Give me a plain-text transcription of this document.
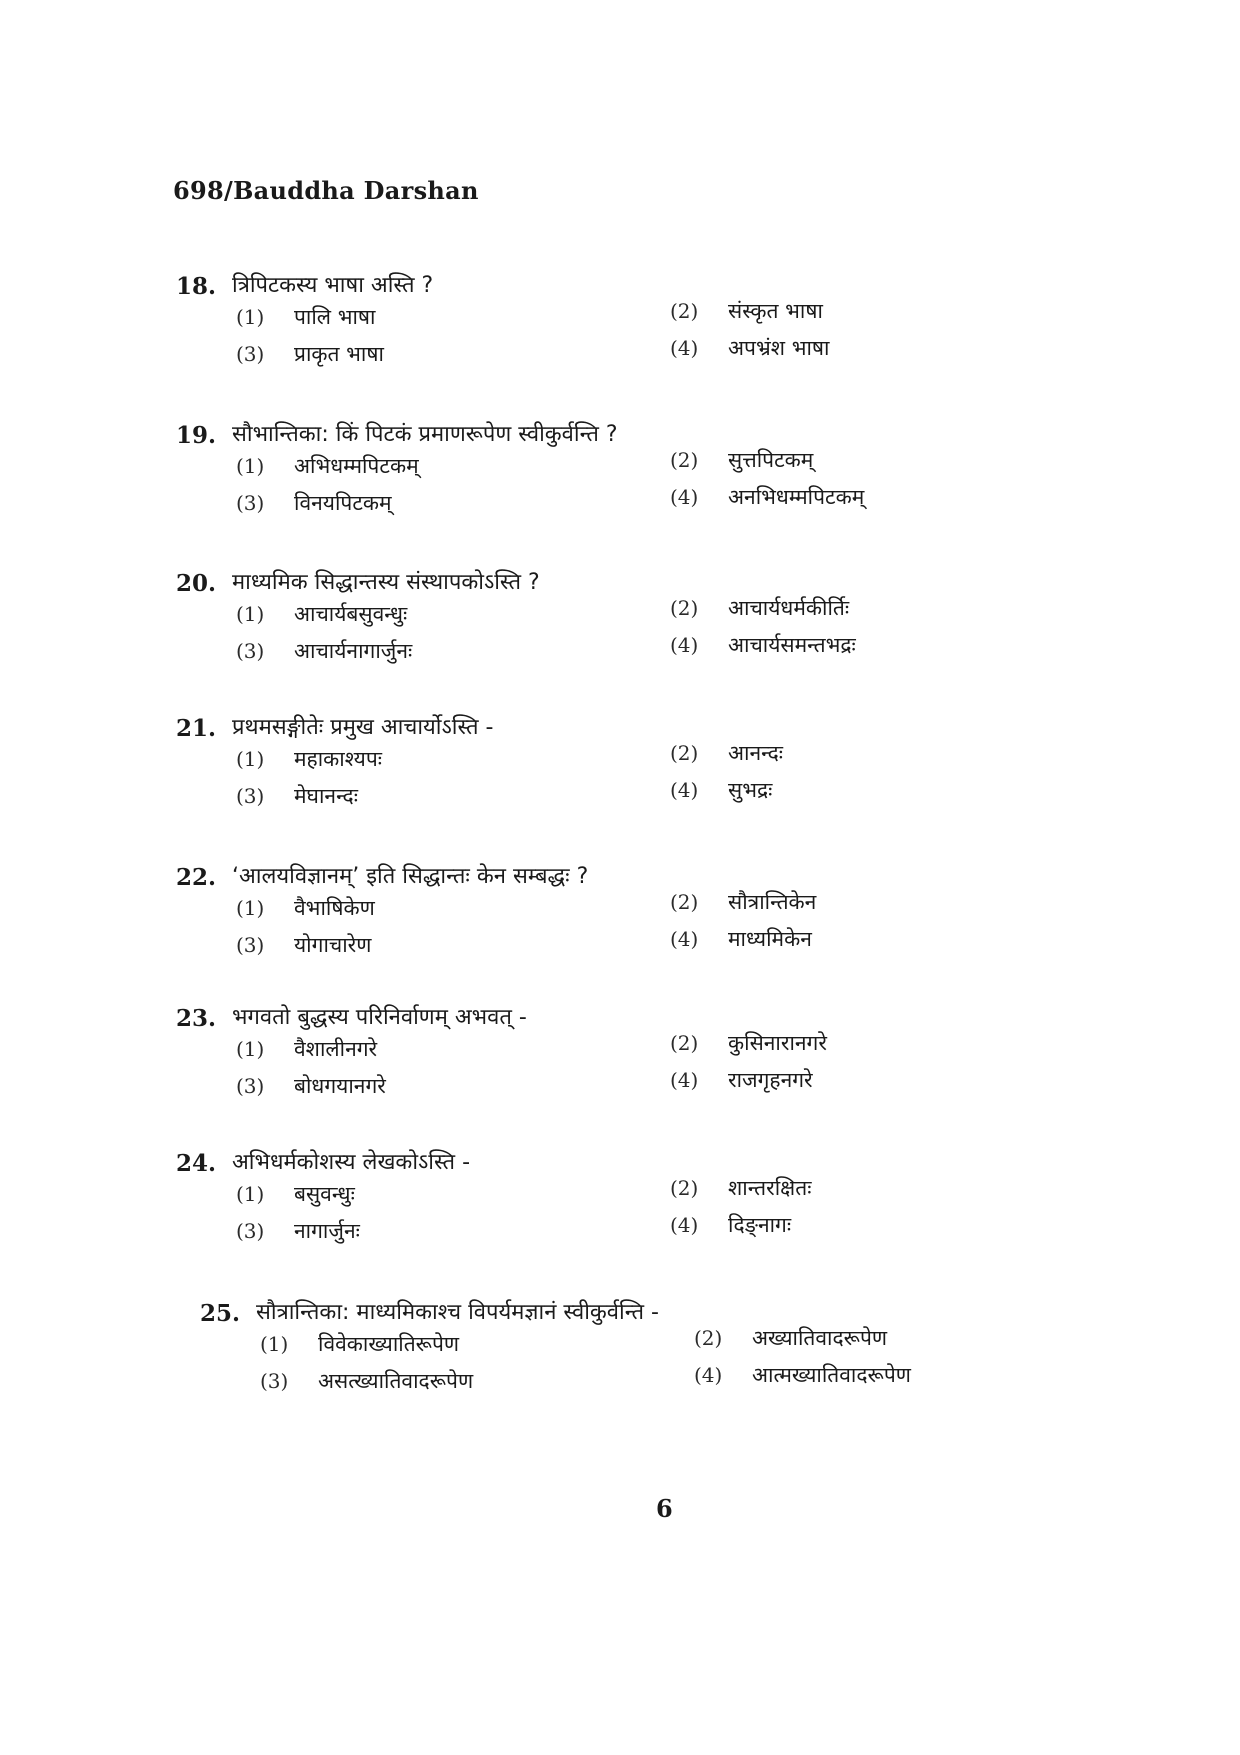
698/Bauddha Darshan
18. त्रिपिटकस्य भाषा अस्ति ?
(1) पालि भाषा	(2) संस्कृत भाषा
(3) प्राकृत भाषा	(4) अपभ्रंश भाषा
19. सौभान्तिका: किं पिटकं प्रमाणरूपेण स्वीकुर्वन्ति ?
(1) अभिधम्मपिटकम्	(2) सुत्तपिटकम्
(3) विनयपिटकम्	(4) अनभिधम्मपिटकम्
20. माध्यमिक सिद्धान्तस्य संस्थापकोऽस्ति ?
(1) आचार्यबसुवन्धुः	(2) आचार्यधर्मकीर्तिः
(3) आचार्यनागार्जुनः	(4) आचार्यसमन्तभद्रः
21. प्रथमसङ्गीतेः प्रमुख आचार्योऽस्ति -
(1) महाकाश्यपः	(2) आनन्दः
(3) मेघानन्दः	(4) सुभद्रः
22. ‘आलयविज्ञानम्’ इति सिद्धान्तः केन सम्बद्धः ?
(1) वैभाषिकेण	(2) सौत्रान्तिकेन
(3) योगाचारेण	(4) माध्यमिकेन
23. भगवतो बुद्धस्य परिनिर्वाणम् अभवत् -
(1) वैशालीनगरे	(2) कुसिनारानगरे
(3) बोधगयानगरे	(4) राजगृहनगरे
24. अभिधर्मकोशस्य लेखकोऽस्ति -
(1) बसुवन्धुः	(2) शान्तरक्षितः
(3) नागार्जुनः	(4) दिङ्नागः
25. सौत्रान्तिका: माध्यमिकाश्च विपर्यमज्ञानं स्वीकुर्वन्ति -
(1) विवेकाख्यातिरूपेण	(2) अख्यातिवादरूपेण
(3) असत्ख्यातिवादरूपेण	(4) आत्मख्यातिवादरूपेण
6
